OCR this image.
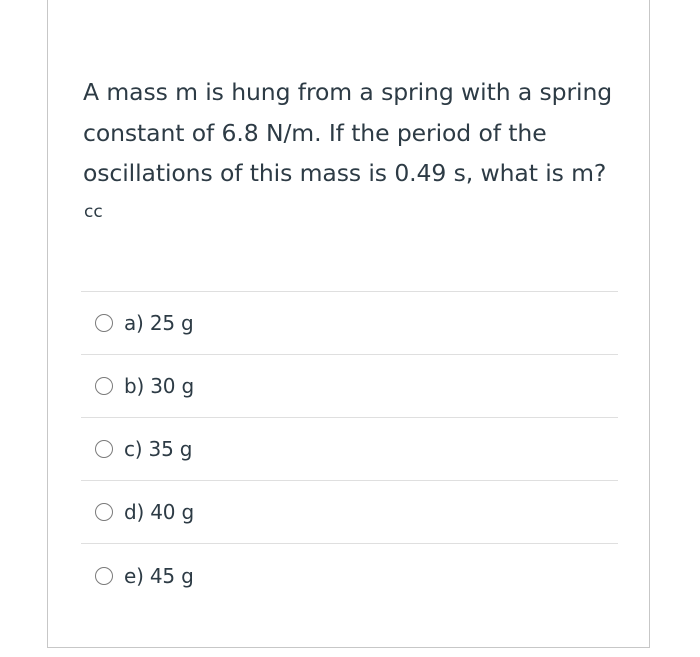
A mass m is hung from a spring with a spring constant of 6.8 N/m. If the period of the oscillations of this mass is 0.49 s, what is m?

cc

a) 25 g
b) 30 g
c) 35 g
d) 40 g
e) 45 g
